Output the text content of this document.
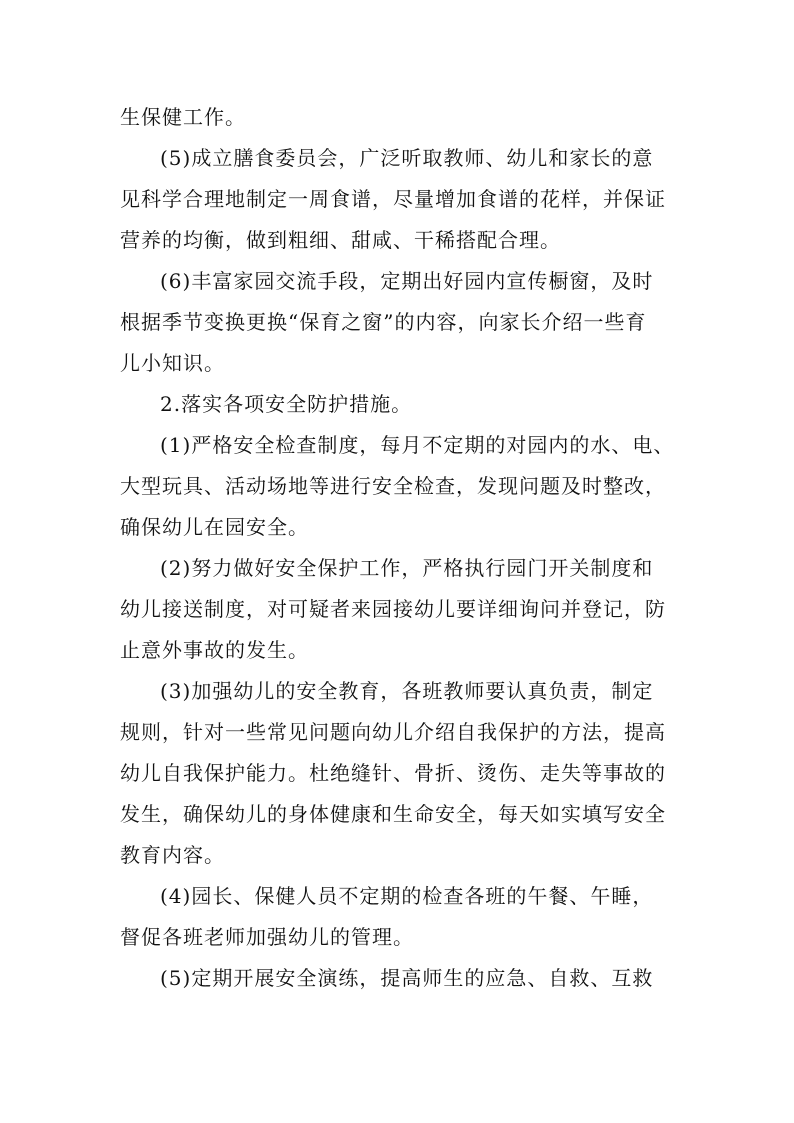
生保健工作。
(5)成立膳食委员会，广泛听取教师、幼儿和家长的意
见科学合理地制定一周食谱，尽量增加食谱的花样，并保证
营养的均衡，做到粗细、甜咸、干稀搭配合理。
(6)丰富家园交流手段，定期出好园内宣传橱窗，及时
根据季节变换更换“保育之窗”的内容，向家长介绍一些育
儿小知识。
2.落实各项安全防护措施。
(1)严格安全检查制度，每月不定期的对园内的水、电、
大型玩具、活动场地等进行安全检查，发现问题及时整改，
确保幼儿在园安全。
(2)努力做好安全保护工作，严格执行园门开关制度和
幼儿接送制度，对可疑者来园接幼儿要详细询问并登记，防
止意外事故的发生。
(3)加强幼儿的安全教育，各班教师要认真负责，制定
规则，针对一些常见问题向幼儿介绍自我保护的方法，提高
幼儿自我保护能力。杜绝缝针、骨折、烫伤、走失等事故的
发生，确保幼儿的身体健康和生命安全，每天如实填写安全
教育内容。
(4)园长、保健人员不定期的检查各班的午餐、午睡，
督促各班老师加强幼儿的管理。
(5)定期开展安全演练，提高师生的应急、自救、互救
